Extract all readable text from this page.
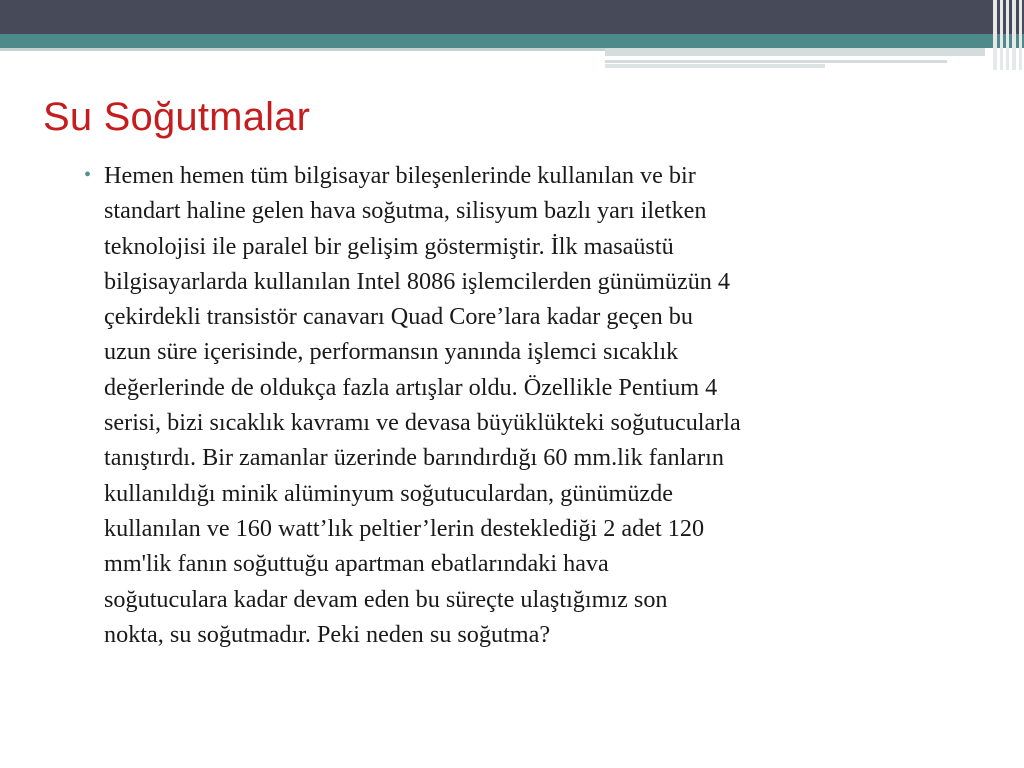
Su Soğutmalar
• Hemen hemen tüm bilgisayar bileşenlerinde kullanılan ve bir
standart haline gelen hava soğutma, silisyum bazlı yarı iletken
teknolojisi ile paralel bir gelişim göstermiştir. İlk masaüstü
bilgisayarlarda kullanılan Intel 8086 işlemcilerden günümüzün 4
çekirdekli transistör canavarı Quad Core’lara kadar geçen bu
uzun süre içerisinde, performansın yanında işlemci sıcaklık
değerlerinde de oldukça fazla artışlar oldu. Özellikle Pentium 4
serisi, bizi sıcaklık kavramı ve devasa büyüklükteki soğutucularla
tanıştırdı. Bir zamanlar üzerinde barındırdığı 60 mm.lik fanların
kullanıldığı minik alüminyum soğutuculardan, günümüzde
kullanılan ve 160 watt’lık peltier’lerin desteklediği 2 adet 120
mm'lik fanın soğuttuğu apartman ebatlarındaki hava
soğutuculara kadar devam eden bu süreçte ulaştığımız son
nokta, su soğutmadır. Peki neden su soğutma?
